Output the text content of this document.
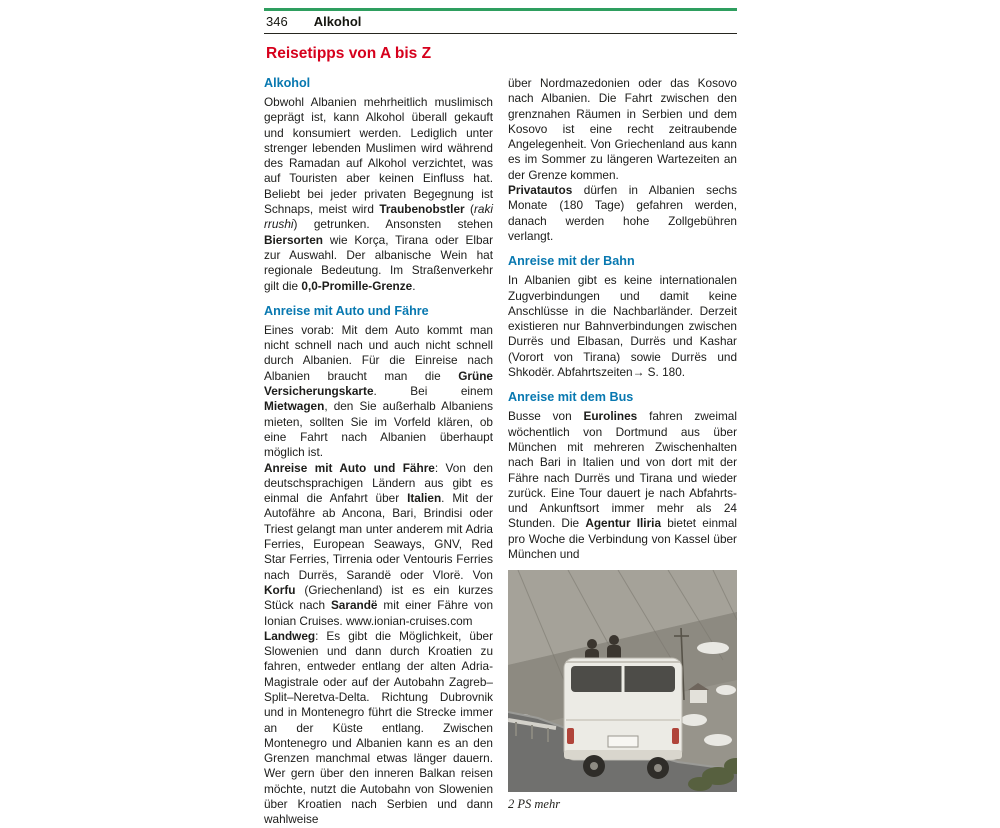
346 Alkohol
Reisetipps von A bis Z
Alkohol

Obwohl Albanien mehrheitlich muslimisch geprägt ist, kann Alkohol überall gekauft und konsumiert werden. Lediglich unter strenger lebenden Muslimen wird während des Ramadan auf Alkohol verzichtet, was auf Touristen aber keinen Einfluss hat. Beliebt bei jeder privaten Begegnung ist Schnaps, meist wird Traubenobstler (raki rrushi) getrunken. Ansonsten stehen Biersorten wie Korça, Tirana oder Elbar zur Auswahl. Der albanische Wein hat regionale Bedeutung. Im Straßenverkehr gilt die 0,0-Promille-Grenze.

Anreise mit Auto und Fähre

Eines vorab: Mit dem Auto kommt man nicht schnell nach und auch nicht schnell durch Albanien. Für die Einreise nach Albanien braucht man die Grüne Versicherungskarte. Bei einem Mietwagen, den Sie außerhalb Albaniens mieten, sollten Sie im Vorfeld klären, ob eine Fahrt nach Albanien überhaupt möglich ist.

Anreise mit Auto und Fähre: Von den deutschsprachigen Ländern aus gibt es einmal die Anfahrt über Italien. Mit der Autofähre ab Ancona, Bari, Brindisi oder Triest gelangt man unter anderem mit Adria Ferries, European Seaways, GNV, Red Star Ferries, Tirrenia oder Ventouris Ferries nach Durrës, Sarandë oder Vlorë. Von Korfu (Griechenland) ist es ein kurzes Stück nach Sarandë mit einer Fähre von Ionian Cruises. www.ionian-cruises.com

Landweg: Es gibt die Möglichkeit, über Slowenien und dann durch Kroatien zu fahren, entweder entlang der alten Adria-Magistrale oder auf der Autobahn Zagreb–Split–Neretva-Delta. Richtung Dubrovnik und in Montenegro führt die Strecke immer an der Küste entlang. Zwischen Montenegro und Albanien kann es an den Grenzen manchmal etwas länger dauern. Wer gern über den inneren Balkan reisen möchte, nutzt die Autobahn von Slowenien über Kroatien nach Serbien und dann wahlweise

über Nordmazedonien oder das Kosovo nach Albanien. Die Fahrt zwischen den grenznahen Räumen in Serbien und dem Kosovo ist eine recht zeitraubende Angelegenheit. Von Griechenland aus kann es im Sommer zu längeren Wartezeiten an der Grenze kommen.

Privatautos dürfen in Albanien sechs Monate (180 Tage) gefahren werden, danach werden hohe Zollgebühren verlangt.

Anreise mit der Bahn

In Albanien gibt es keine internationalen Zugverbindungen und damit keine Anschlüsse in die Nachbarländer. Derzeit existieren nur Bahnverbindungen zwischen Durrës und Elbasan, Durrës und Kashar (Vorort von Tirana) sowie Durrës und Shkodër. Abfahrtszeiten→ S. 180.

Anreise mit dem Bus

Busse von Eurolines fahren zweimal wöchentlich von Dortmund aus über München mit mehreren Zwischenhalten nach Bari in Italien und von dort mit der Fähre nach Durrës und Tirana und wieder zurück. Eine Tour dauert je nach Abfahrts- und Ankunftsort immer mehr als 24 Stunden. Die Agentur Iliria bietet einmal pro Woche die Verbindung von Kassel über München und

2 PS mehr
